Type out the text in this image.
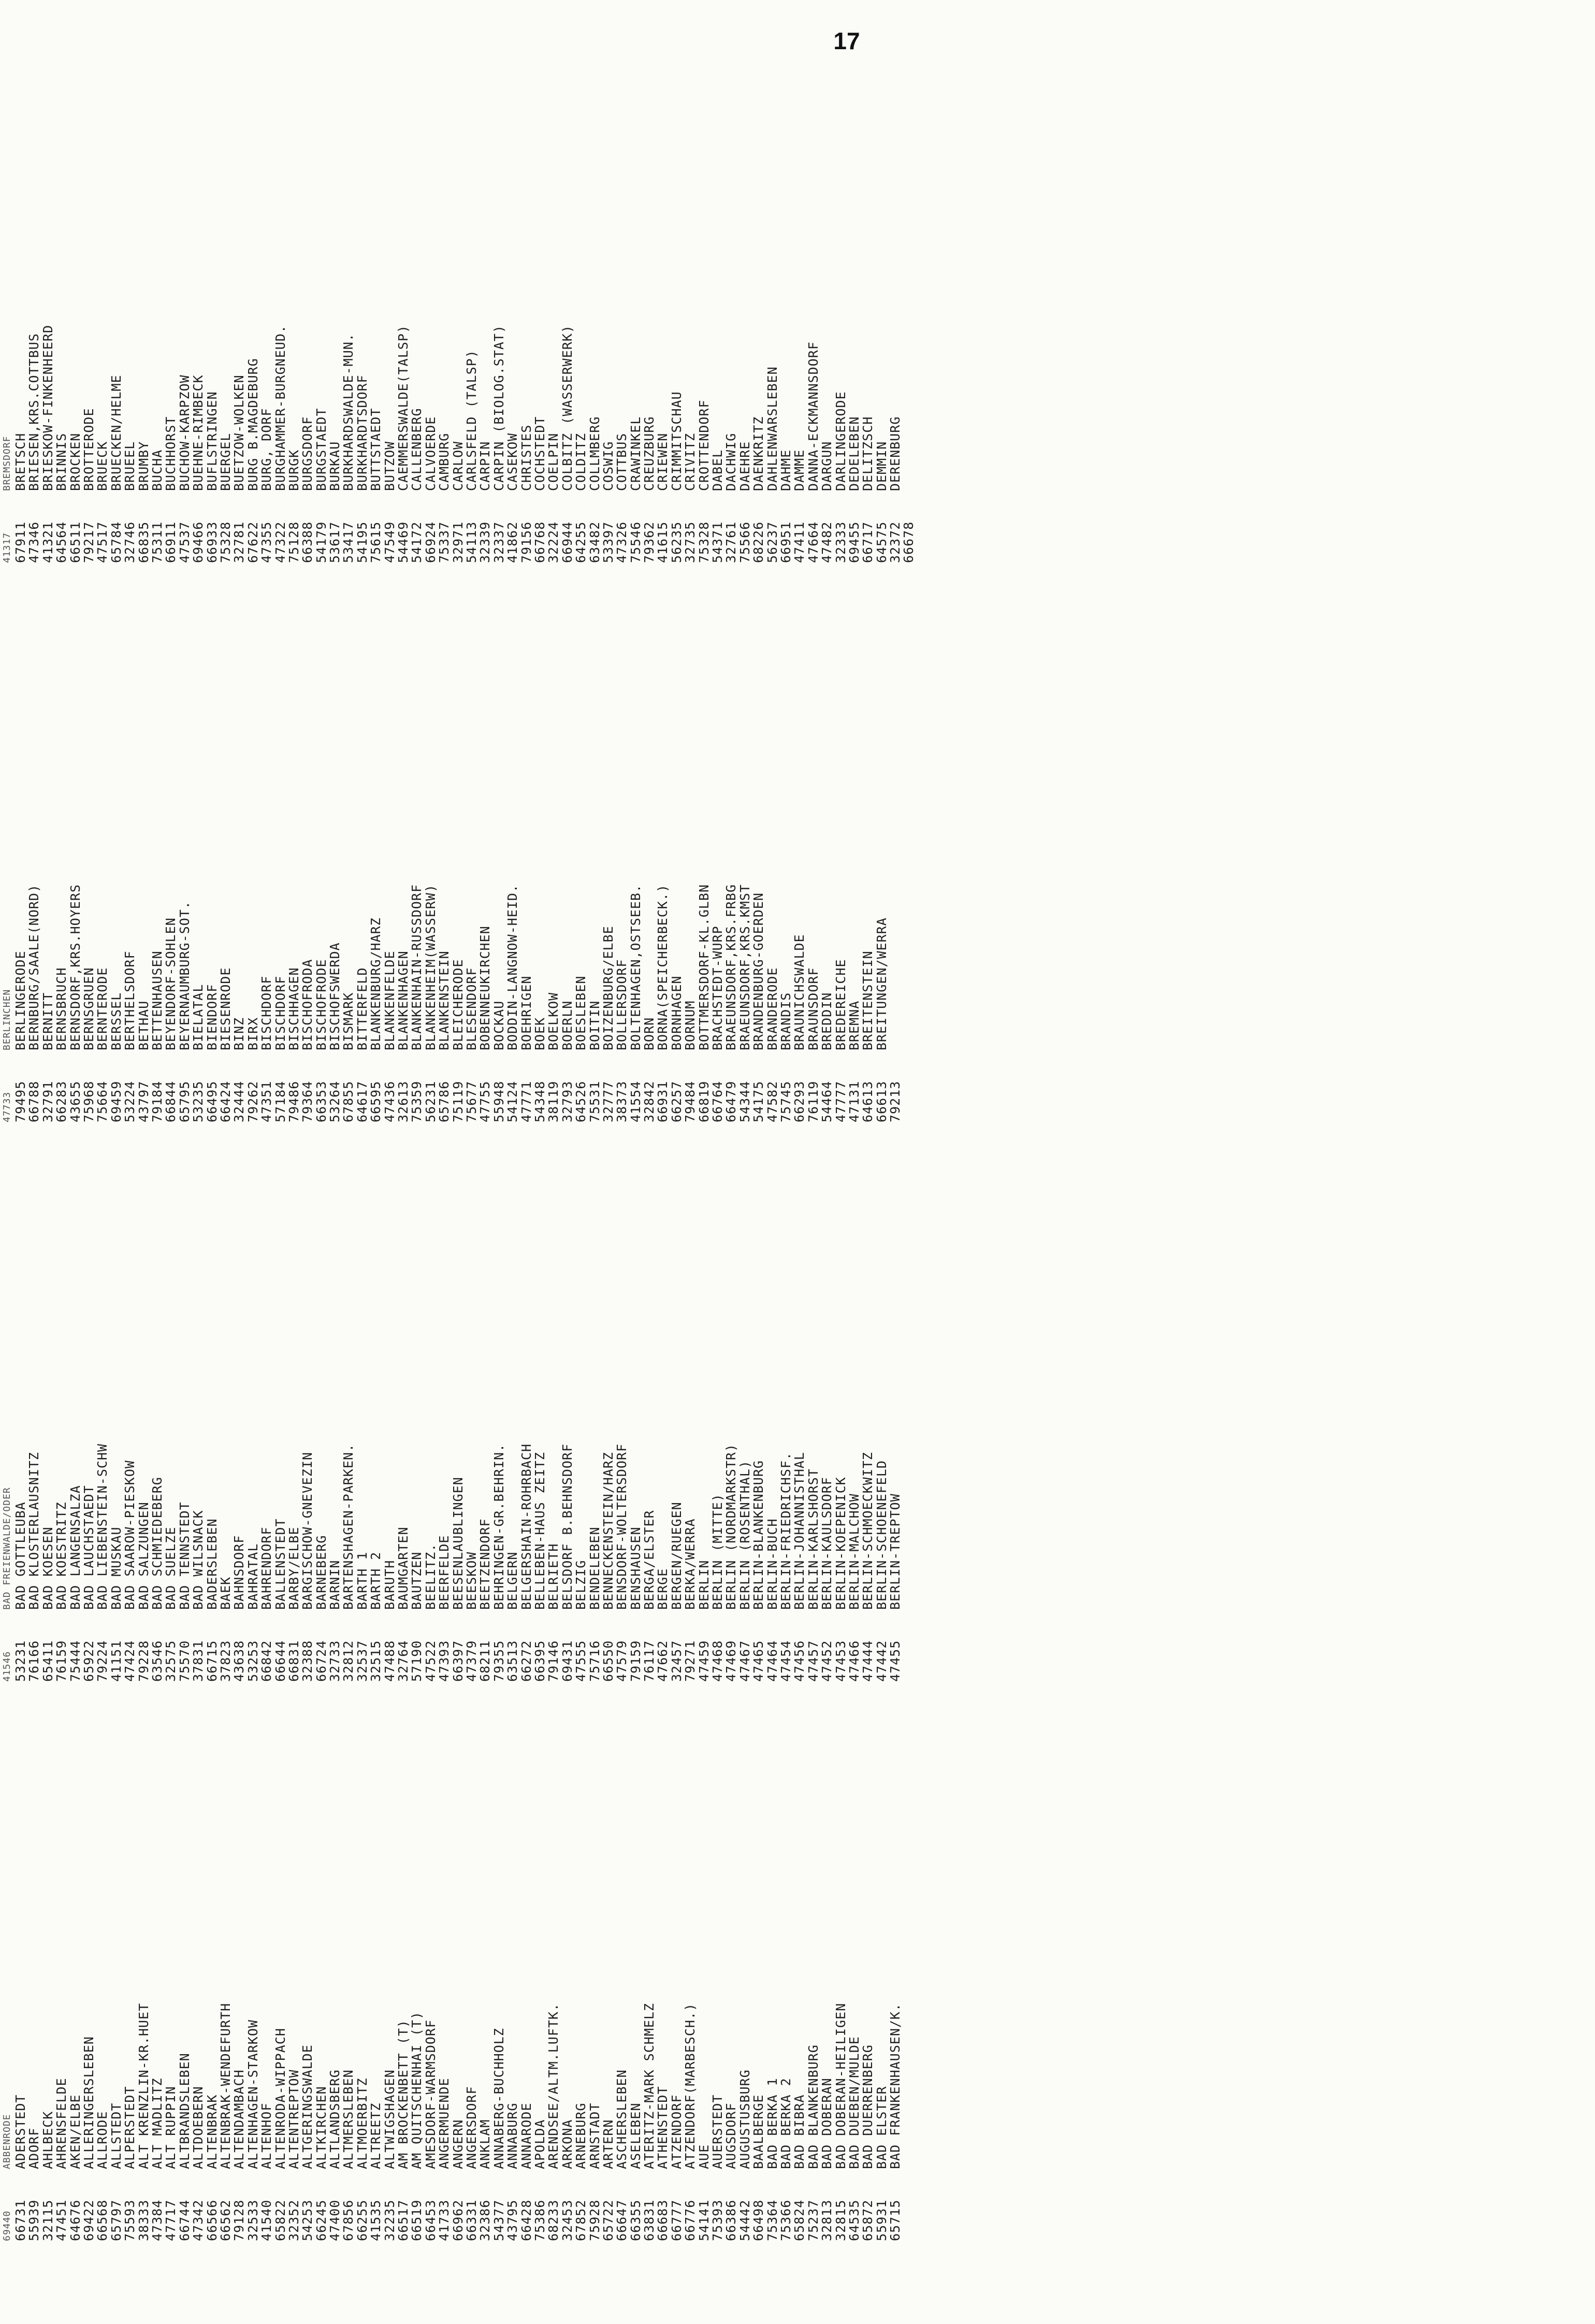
17
69440
ABBENRODE
66731
ADERSTEDT
55939
ADORF
32115
AHLBECK
47451
AHRENSFELDE
64676
AKEN/ELBE
69422
ALLERINGERSLEBEN
66568
ALLRODE
65797
ALLSTEDT
75593
ALPERSTEDT
38333
ALT KRENZLIN-KR.HUET
47384
ALT MADLITZ
47717
ALT RUPPIN
66744
ALTBRANDSLEBEN
47342
ALTDOEBERN
66566
ALTENBRAK
66562
ALTENBRAK-WENDEFURTH
79128
ALTENDAMBACH
32533
ALTENHAGEN-STARKOW
41540
ALTENHOF
65822
ALTENRODA-WIPPACH
32352
ALTENTREPTOW
54253
ALTGERINGSWALDE
66245
ALTKIRCHEN
47400
ALTLANDSBERG
67856
ALTMERSLEBEN
66255
ALTMOERBITZ
41535
ALTREETZ
32235
ALTWIGSHAGEN
66517
AM BROCKENBETT (T)
66519
AM QUITSCHENHAI (T)
66453
AMESDORF-WARMSDORF
41733
ANGERMUENDE
66962
ANGERN
66331
ANGERSDORF
32386
ANKLAM
54377
ANNABERG-BUCHHOLZ
43795
ANNABURG
66428
ANNARODE
75386
APOLDA
68233
ARENDSEE/ALTM.LUFTK.
32453
ARKONA
67852
ARNEBURG
75928
ARNSTADT
65722
ARTERN
66647
ASCHERSLEBEN
66355
ASELEBEN
63831
ATERITZ-MARK SCHMELZ
66683
ATHENSTEDT
66777
ATZENDORF
66776
ATZENDORF(MARBESCH.)
54141
AUE
75393
AUERSTEDT
66386
AUGSDORF
54442
AUGUSTUSBURG
66498
BAALBERGE
75364
BAD BERKA 1
75366
BAD BERKA 2
65824
BAD BIBRA
75237
BAD BLANKENBURG
32813
BAD DOBERAN
32815
BAD DOBERAN-HEILIGEN
64535
BAD DUEBEN/MULDE
65872
BAD DUERRENBERG
55931
BAD ELSTER
65715
BAD FRANKENHAUSEN/K.
41546
BAD FREIENWALDE/ODER
53231
BAD GOTTLEUBA
76166
BAD KLOSTERLAUSNITZ
65411
BAD KOESEN
76159
BAD KOESTRITZ
75444
BAD LANGENSALZA
65922
BAD LAUCHSTAEDT
79224
BAD LIEBENSTEIN-SCHW
41151
BAD MUSKAU
47424
BAD SAAROW-PIESKOW
79228
BAD SALZUNGEN
63546
BAD SCHMIEDEBERG
32575
BAD SUELZE
75570
BAD TENNSTEDT
37831
BAD WILSNACK
66715
BADERSLEBEN
37823
BAEK
43638
BAHNSDORF
53253
BAHRATAL
66842
BAHRENDORF
66644
BALLENSTEDT
66831
BARBY/ELBE
32388
BARGISCHOW-GNEVEZIN
66724
BARNEBERG
32733
BARNIN
32812
BARTENSHAGEN-PARKEN.
32537
BARTH 1
32515
BARTH 2
47488
BARUTH
32764
BAUMGARTEN
57190
BAUTZEN
47522
BEELITZ.
47393
BEERFELDE
66397
BEESENLAUBLINGEN
47379
BEESKOW
68211
BEETZENDORF
79355
BEHRINGEN-GR.BEHRIN.
63513
BELGERN
66272
BELGERSHAIN-ROHRBACH
66395
BELLEBEN-HAUS ZEITZ
79146
BELRIETH
69431
BELSDORF B.BEHNSDORF
47555
BELZIG
75716
BENDELEBEN
66550
BENNECKENSTEIN/HARZ
47579
BENSDORF-WOLTERSDORF
79159
BENSHAUSEN
76117
BERGA/ELSTER
47662
BERGE
32457
BERGEN/RUEGEN
79271
BERKA/WERRA
47459
BERLIN
47468
BERLIN (MITTE)
47469
BERLIN (NORDMARKSTR)
47467
BERLIN (ROSENTHAL)
47465
BERLIN-BLANKENBURG
47464
BERLIN-BUCH
47454
BERLIN-FRIEDRICHSF.
47456
BERLIN-JOHANNISTHAL
47457
BERLIN-KARLSHORST
47452
BERLIN-KAULSDORF
47453
BERLIN-KOEPENICK
47466
BERLIN-MALCHOW
47444
BERLIN-SCHMOECKWITZ
47442
BERLIN-SCHOENEFELD
47455
BERLIN-TREPTOW
47733
BERLINCHEN
79495
BERLINGERODE
66788
BERNBURG/SAALE(NORD)
32791
BERNITT
66283
BERNSBRUCH
43655
BERNSDORF,KRS.HOYERS
75968
BERNSGRUEN
75664
BERNTERODE
69459
BERSSEL
53224
BERTHELSDORF
43797
BETHAU
79184
BETTENHAUSEN
66844
BEYENDORF-SOHLEN
65795
BEYERNAUMBURG-SOT.
53235
BIELATAL
66495
BIENDORF
66424
BIESENRODE
32444
BINZ
79262
BIRX
47351
BISCHDORF
57184
BISCHDORF
79486
BISCHHAGEN
79364
BISCHOFRODA
66353
BISCHOFRODE
53264
BISCHOFSWERDA
67855
BISMARK
64617
BITTERFELD
66595
BLANKENBURG/HARZ
47436
BLANKENFELDE
32613
BLANKENHAGEN
75359
BLANKENHAIN-RUSSDORF
56231
BLANKENHEIM(WASSERW)
65786
BLANKENSTEIN
75119
BLEICHERODE
75677
BLESENDORF
47755
BOBENNEUKIRCHEN
55948
BOCKAU
54124
BODDIN-LANGNOW-HEID.
47771
BOEHRIGEN
54348
BOEK
38119
BOELKOW
32793
BOERLN
64526
BOESLEBEN
75531
BOITIN
32777
BOIZENBURG/ELBE
38373
BOLLERSDORF
41554
BOLTENHAGEN,OSTSEEB.
32842
BORN
66931
BORNA(SPEICHERBECK.)
66257
BORNHAGEN
79484
BORNUM
66819
BOTTMERSDORF-KL.GLBN
66764
BRACHSTEDT-WURP
66479
BRAEUNSDORF,KRS.FRBG
54344
BRAEUNSDORF,KRS.KMST
54175
BRANDENBURG-GOERDEN
47582
BRANDERODE
75745
BRANDIS
66293
BRAUNICHSWALDE
76119
BRAUNSDORF
54464
BREDDIN
47777
BREDEREICHE
47131
BREMNA
64613
BREITENSTEIN
66613
BREITUNGEN/WERRA
79213
41317
BREMSDORF
67911
BRETSCH
47346
BRIESEN,KRS.COTTBUS
41321
BRIESKOW-FINKENHEERD
64564
BRINNIS
66511
BROCKEN
79217
BROTTERODE
47517
BRUECK
65784
BRUECKEN/HELME
32746
BRUEEL
66835
BRUMBY
75311
BUCHA
66911
BUCHHORST
47537
BUCHOW-KARPZOW
69466
BUEHNE-RIMBECK
66933
BUFLSTRINGEN
75328
BUERGEL
32781
BUETZOW-WOLKEN
67622
BURG B.MAGDEBURG
47355
BURG, DORF
47322
BURGHAMMER-BURGNEUD.
75128
BURGK
66388
BURGSDORF
54179
BURGSTAEDT
53617
BURKAU
53417
BURKHARDSWALDE-MUN.
54195
BURKHARDTSDORF
75615
BUTTSTAEDT
47549
BUTZOW
54469
CAEMMERSWALDE(TALSP)
54172
CALLENBERG
66924
CALVOERDE
75337
CAMBURG
32971
CARLOW
54113
CARLSFELD (TALSP)
32339
CARPIN
32337
CARPIN (BIOLOG.STAT)
41862
CASEKOW
79156
CHRISTES
66768
COCHSTEDT
32224
COELPIN
66944
COLBITZ (WASSERWERK)
64255
COLDITZ
63482
COLLMBERG
53397
COSWIG
47326
COTTBUS
75546
CRAWINKEL
79362
CREUZBURG
41615
CRIEWEN
56235
CRIMMITSCHAU
32735
CRIVITZ
75328
CROTTENDORF
54371
DABEL
32761
DACHWIG
75566
DAEHRE
68226
DAENKRITZ
56237
DAHLENWARSLEBEN
66951
DAHME
47411
DAMME
47664
DANNA-ECKMANNSDORF
47482
DARGUN
32333
DARLINGERODE
69455
DEDELEBEN
66717
DELITZSCH
64575
DEMMIN
32372
DERENBURG
66678
